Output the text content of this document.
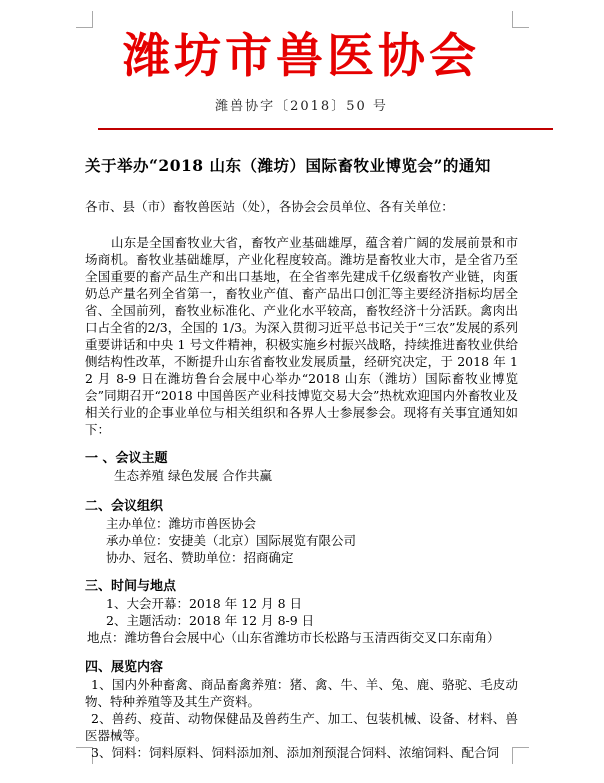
潍坊市兽医协会
潍兽协字〔2018〕50 号
关于举办“2018 山东（潍坊）国际畜牧业博览会”的通知

各市、县（市）畜牧兽医站（处），各协会会员单位、各有关单位：

山东是全国畜牧业大省，畜牧产业基础雄厚，蕴含着广阔的发展前景和市场商机。畜牧业基础雄厚，产业化程度较高。潍坊是畜牧业大市，是全省乃至全国重要的畜产品生产和出口基地，在全省率先建成千亿级畜牧产业链，肉蛋奶总产量名列全省第一，畜牧业产值、畜产品出口创汇等主要经济指标均居全省、全国前列，畜牧业标准化、产业化水平较高，畜牧经济十分活跃。禽肉出口占全省的2/3，全国的 1/3。为深入贯彻习近平总书记关于“三农”发展的系列重要讲话和中央 1 号文件精神，积极实施乡村振兴战略，持续推进畜牧业供给侧结构性改革，不断提升山东省畜牧业发展质量，经研究决定，于 2018 年 12 月 8-9 日在潍坊鲁台会展中心举办“2018 山东（潍坊）国际畜牧业博览会”同期召开“2018 中国兽医产业科技博览交易大会”热枕欢迎国内外畜牧业及相关行业的企事业单位与相关组织和各界人士参展参会。现将有关事宜通知如下：

一 、会议主题

生态养殖 绿色发展 合作共赢

二、会议组织

主办单位：潍坊市兽医协会

承办单位：安捷美（北京）国际展览有限公司

协办、冠名、赞助单位：招商确定

三、时间与地点

1、大会开幕：2018 年 12 月 8 日

2、主题活动：2018 年 12 月 8-9 日

地点：潍坊鲁台会展中心（山东省潍坊市长松路与玉清西街交叉口东南角）

四、展览内容

1、国内外种畜禽、商品畜禽养殖：猪、禽、牛、羊、兔、鹿、骆驼、毛皮动物、特种养殖等及其生产资料。

2、兽药、疫苗、动物保健品及兽药生产、加工、包装机械、设备、材料、兽医器械等。

3、饲料：饲料原料、饲料添加剂、添加剂预混合饲料、浓缩饲料、配合饲
